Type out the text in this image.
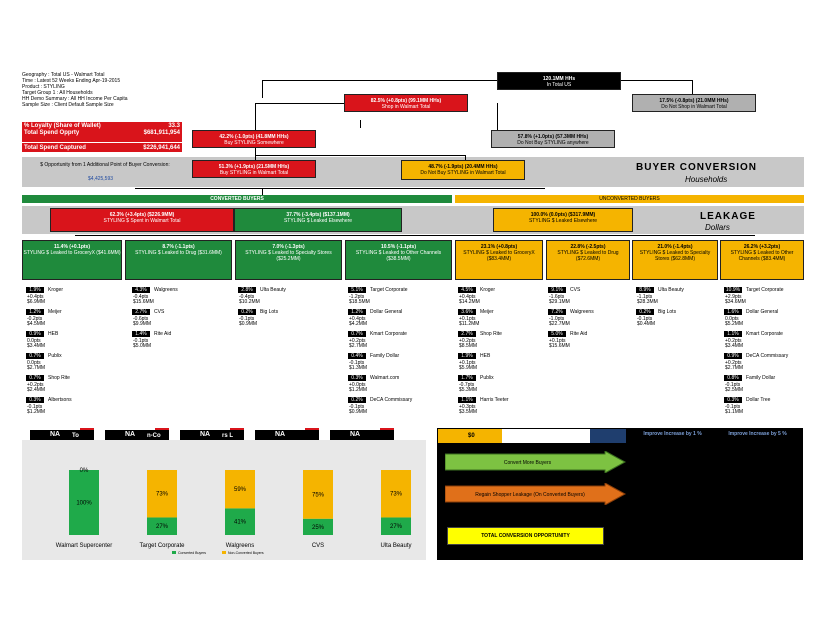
Geography : Total US - Walmart Total
Time : Latest 52 Weeks Ending Apr-19-2015
Product : STYLING
Target Group 1 : All Households
HH Demo Summary : All HH Income Per Capita
Sample Size : Client Default Sample Size
% Loyalty (Share of Wallet)	33.3
Total Spend Opprty	$681,911,954
Total Spend Captured	$226,941,644
$ Opportunity from 1 Additional Point of Buyer Conversion:
$4,425,593
BUYER CONVERSION
Households
120.1MM HHs
In Total US
82.5% (+0.8pts) (99.1MM HHs)
Shop in Walmart Total
17.5% (-0.8pts) (21.0MM HHs)
Do Not Shop in Walmart Total
42.2% (-1.0pts) (41.8MM HHs)
Buy STYLING Somewhere
57.8% (+1.0pts) (57.3MM HHs)
Do Not Buy STYLING anywhere
51.3% (+1.9pts) (21.5MM HHs)
Buy STYLING in Walmart Total
48.7% (-1.9pts) (20.4MM HHs)
Do Not Buy STYLING in Walmart Total
CONVERTED BUYERS	UNCONVERTED BUYERS
LEAKAGE
Dollars
62.3% (+3.4pts) ($226.9MM)
STYLING $ Spent in Walmart Total
37.7% (-3.4pts) ($137.1MM)
STYLING $ Leaked Elsewhere
100.0% (0.0pts) ($317.9MM)
STYLING $ Leaked Elsewhere
11.4% (+0.1pts)
STYLING $ Leaked to GroceryX ($41.6MM)
8.7% (-1.1pts)
STYLING $ Leaked to Drug ($31.6MM)
7.0% (-1.3pts)
STYLING $ Leaked to Specialty Stores ($25.2MM)
10.5% (-1.1pts)
STYLING $ Leaked to Other Channels ($38.5MM)
23.1% (+0.8pts)
STYLING $ Leaked to GroceryX ($83.4MM)
22.8% (-2.5pts)
STYLING $ Leaked to Drug ($72.6MM)
21.0% (-1.4pts)
STYLING $ Leaked to Specialty Stores ($62.8MM)
26.2% (+3.2pts)
STYLING $ Leaked to Other Channels ($83.4MM)
1.9%	Kroger
+0.4pts
$6.9MM
1.2%	Meijer
-0.2pts
$4.5MM
0.9%	HEB
0.0pts
$3.4MM
0.7%	Publix
0.0pts
$2.7MM
0.7%	Shop Rite
+0.2pts
$2.4MM
0.3%	Albertsons
-0.1pts
$1.2MM
4.3%	Walgreens
-0.4pts
$15.6MM
2.7%	CVS
-0.6pts
$9.9MM
1.4%	Rite Aid
-0.1pts
$5.0MM
2.8%	Ulta Beauty
-0.4pts
$10.2MM
0.2%	Big Lots
-0.1pts
$0.9MM
5.1%	Target Corporate
-1.2pts
$18.5MM
1.2%	Dollar General
+0.4pts
$4.2MM
0.7%	Kmart Corporate
+0.2pts
$2.7MM
0.4%	Family Dollar
-0.1pts
$1.3MM
0.3%	Walmart.com
+0.0pts
$1.2MM
0.2%	DeCA Commissary
-0.1pts
$0.9MM
4.5%	Kroger
+0.4pts
$14.2MM
3.6%	Meijer
+0.1pts
$11.2MM
2.7%	Shop Rite
+0.2pts
$8.5MM
1.9%	HEB
+0.1pts
$5.9MM
1.7%	Publix
-0.7pts
$5.3MM
1.1%	Harris Teeter
+0.3pts
$3.5MM
9.1%	CVS
-1.6pts
$29.1MM
7.2%	Walgreens
-1.0pts
$22.7MM
5.0%	Rite Aid
+0.1pts
$15.6MM
8.9%	Ulta Beauty
-1.1pts
$28.3MM
0.2%	Big Lots
-0.1pts
$0.4MM
10.9%	Target Corporate
+2.9pts
$34.6MM
1.6%	Dollar General
0.0pts
$5.2MM
1.1%	Kmart Corporate
+0.2pts
$3.4MM
0.9%	DeCA Commissary
+0.2pts
$2.7MM
0.8%	Family Dollar
-0.1pts
$2.5MM
0.3%	Dollar Tree
-0.1pts
$1.1MM
NA To	NA n-Co	NA rs L	NA	NA
0%
100%
Walmart Supercenter
73%
27%
Target Corporate
59%
41%
Walgreens
75%
25%
CVS
73%
27%
Ulta Beauty
Converted Buyers	Non-Converted Buyers
$0	Improve Increase by 1 %	Improve Increase by 5 %
Convert More Buyers
Regain Shopper Leakage (On Converted Buyers)
TOTAL CONVERSION OPPORTUNITY
